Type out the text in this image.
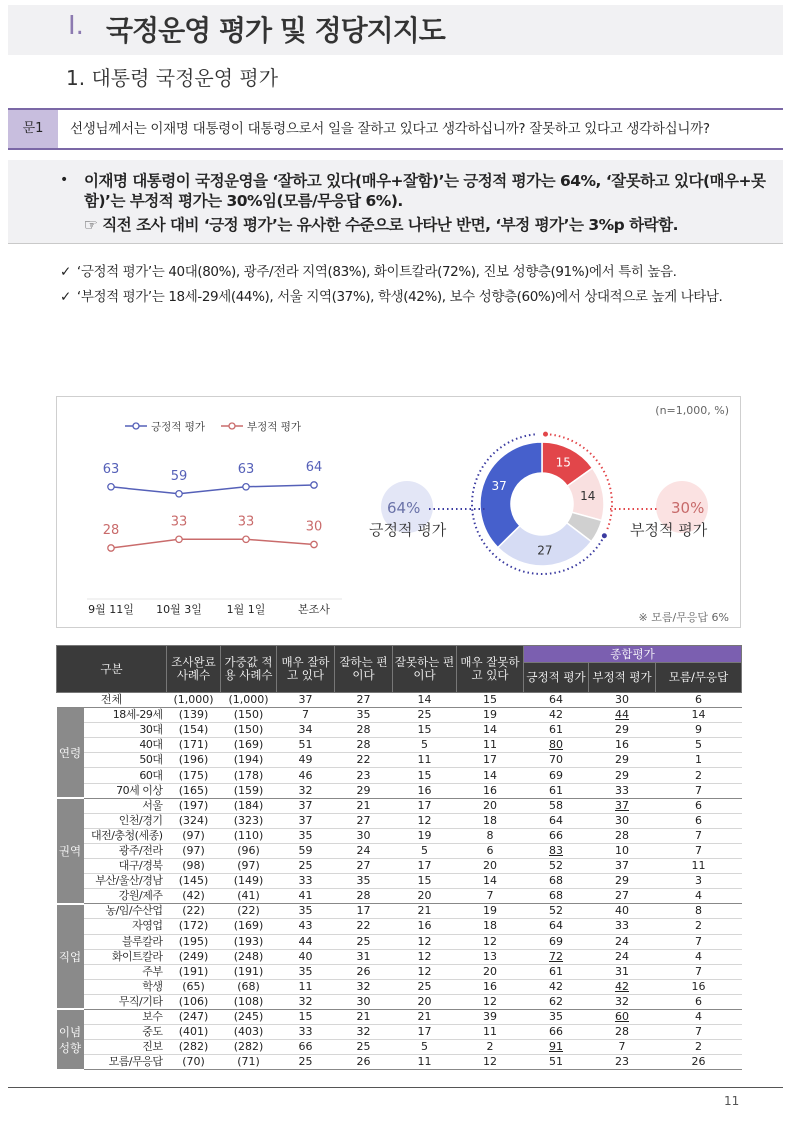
Ⅰ. 국정운영 평가 및 정당지지도
1. 대통령 국정운영 평가
문1	선생님께서는 이재명 대통령이 대통령으로서 일을 잘하고 있다고 생각하십니까? 잘못하고 있다고 생각하십니까?
• 이재명 대통령이 국정운영을 ‘잘하고 있다(매우+잘함)’는 긍정적 평가는 64%, ‘잘못하고 있다(매우+못함)’는 부정적 평가는 30%임(모름/무응답 6%).
☞ 직전 조사 대비 ‘긍정 평가’는 유사한 수준으로 나타난 반면, ‘부정 평가’는 3%p 하락함.
✓ ‘긍정적 평가’는 40대(80%), 광주/전라 지역(83%), 화이트칼라(72%), 진보 성향층(91%)에서 특히 높음.
✓ ‘부정적 평가’는 18세-29세(44%), 서울 지역(37%), 학생(42%), 보수 성향층(60%)에서 상대적으로 높게 나타남.
(n=1,000, %)
긍정적 평가	부정적 평가
63	59	63	64
28
33	33	30
9월 11일 10월 3일 1월 1일	본조사
15
14
27
37
64%
긍정적 평가
30%
부정적 평가
※ 모름/무응답 6%
구분		조사완료 사례수	가중값 적용 사례수	매우 잘하고 있다	잘하는 편이다	잘못하는 편이다	매우 잘못하고 있다	종합평가		
								긍정적 평가	부정적 평가	모름/무응답
전체		(1,000)	(1,000)	37	27	14	15	64	30	6
연령	18세-29세	(139)	(150)	7	35	25	19	42	44	14
	30대	(154)	(150)	34	28	15	14	61	29	9
	40대	(171)	(169)	51	28	5	11	80	16	5
	50대	(196)	(194)	49	22	11	17	70	29	1
	60대	(175)	(178)	46	23	15	14	69	29	2
	70세 이상	(165)	(159)	32	29	16	16	61	33	7
권역	서울	(197)	(184)	37	21	17	20	58	37	6
	인천/경기	(324)	(323)	37	27	12	18	64	30	6
	대전/충청(세종)	(97)	(110)	35	30	19	8	66	28	7
	광주/전라	(97)	(96)	59	24	5	6	83	10	7
	대구/경북	(98)	(97)	25	27	17	20	52	37	11
	부산/울산/경남	(145)	(149)	33	35	15	14	68	29	3
	강원/제주	(42)	(41)	41	28	20	7	68	27	4
직업	농/임/수산업	(22)	(22)	35	17	21	19	52	40	8
	자영업	(172)	(169)	43	22	16	18	64	33	2
	블루칼라	(195)	(193)	44	25	12	12	69	24	7
	화이트칼라	(249)	(248)	40	31	12	13	72	24	4
	주부	(191)	(191)	35	26	12	20	61	31	7
	학생	(65)	(68)	11	32	25	16	42	42	16
	무직/기타	(106)	(108)	32	30	20	12	62	32	6
이념 성향	보수	(247)	(245)	15	21	21	39	35	60	4
	중도	(401)	(403)	33	32	17	11	66	28	7
	진보	(282)	(282)	66	25	5	2	91	7	2
	모름/무응답	(70)	(71)	25	26	11	12	51	23	26
11
